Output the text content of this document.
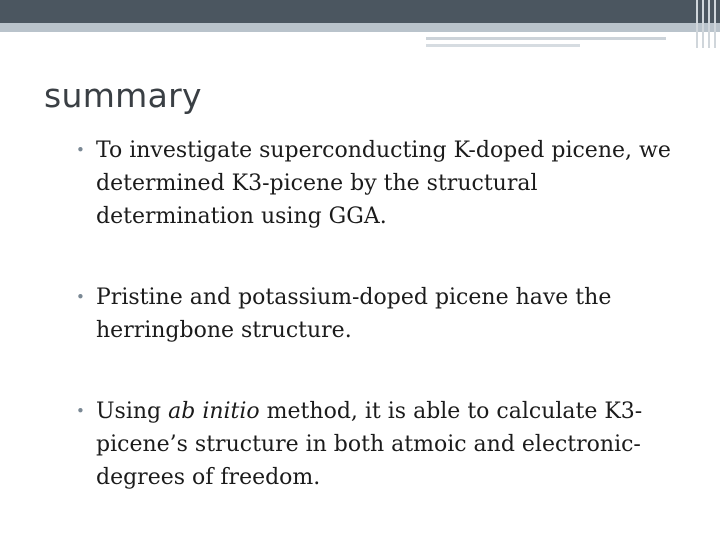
summary
• To investigate superconducting K-doped picene, we determined K3-picene by the structural determination using GGA.
• Pristine and potassium-doped picene have the herringbone structure.
• Using ab initio method, it is able to calculate K3-picene’s structure in both atmoic and electronic-degrees of freedom.
